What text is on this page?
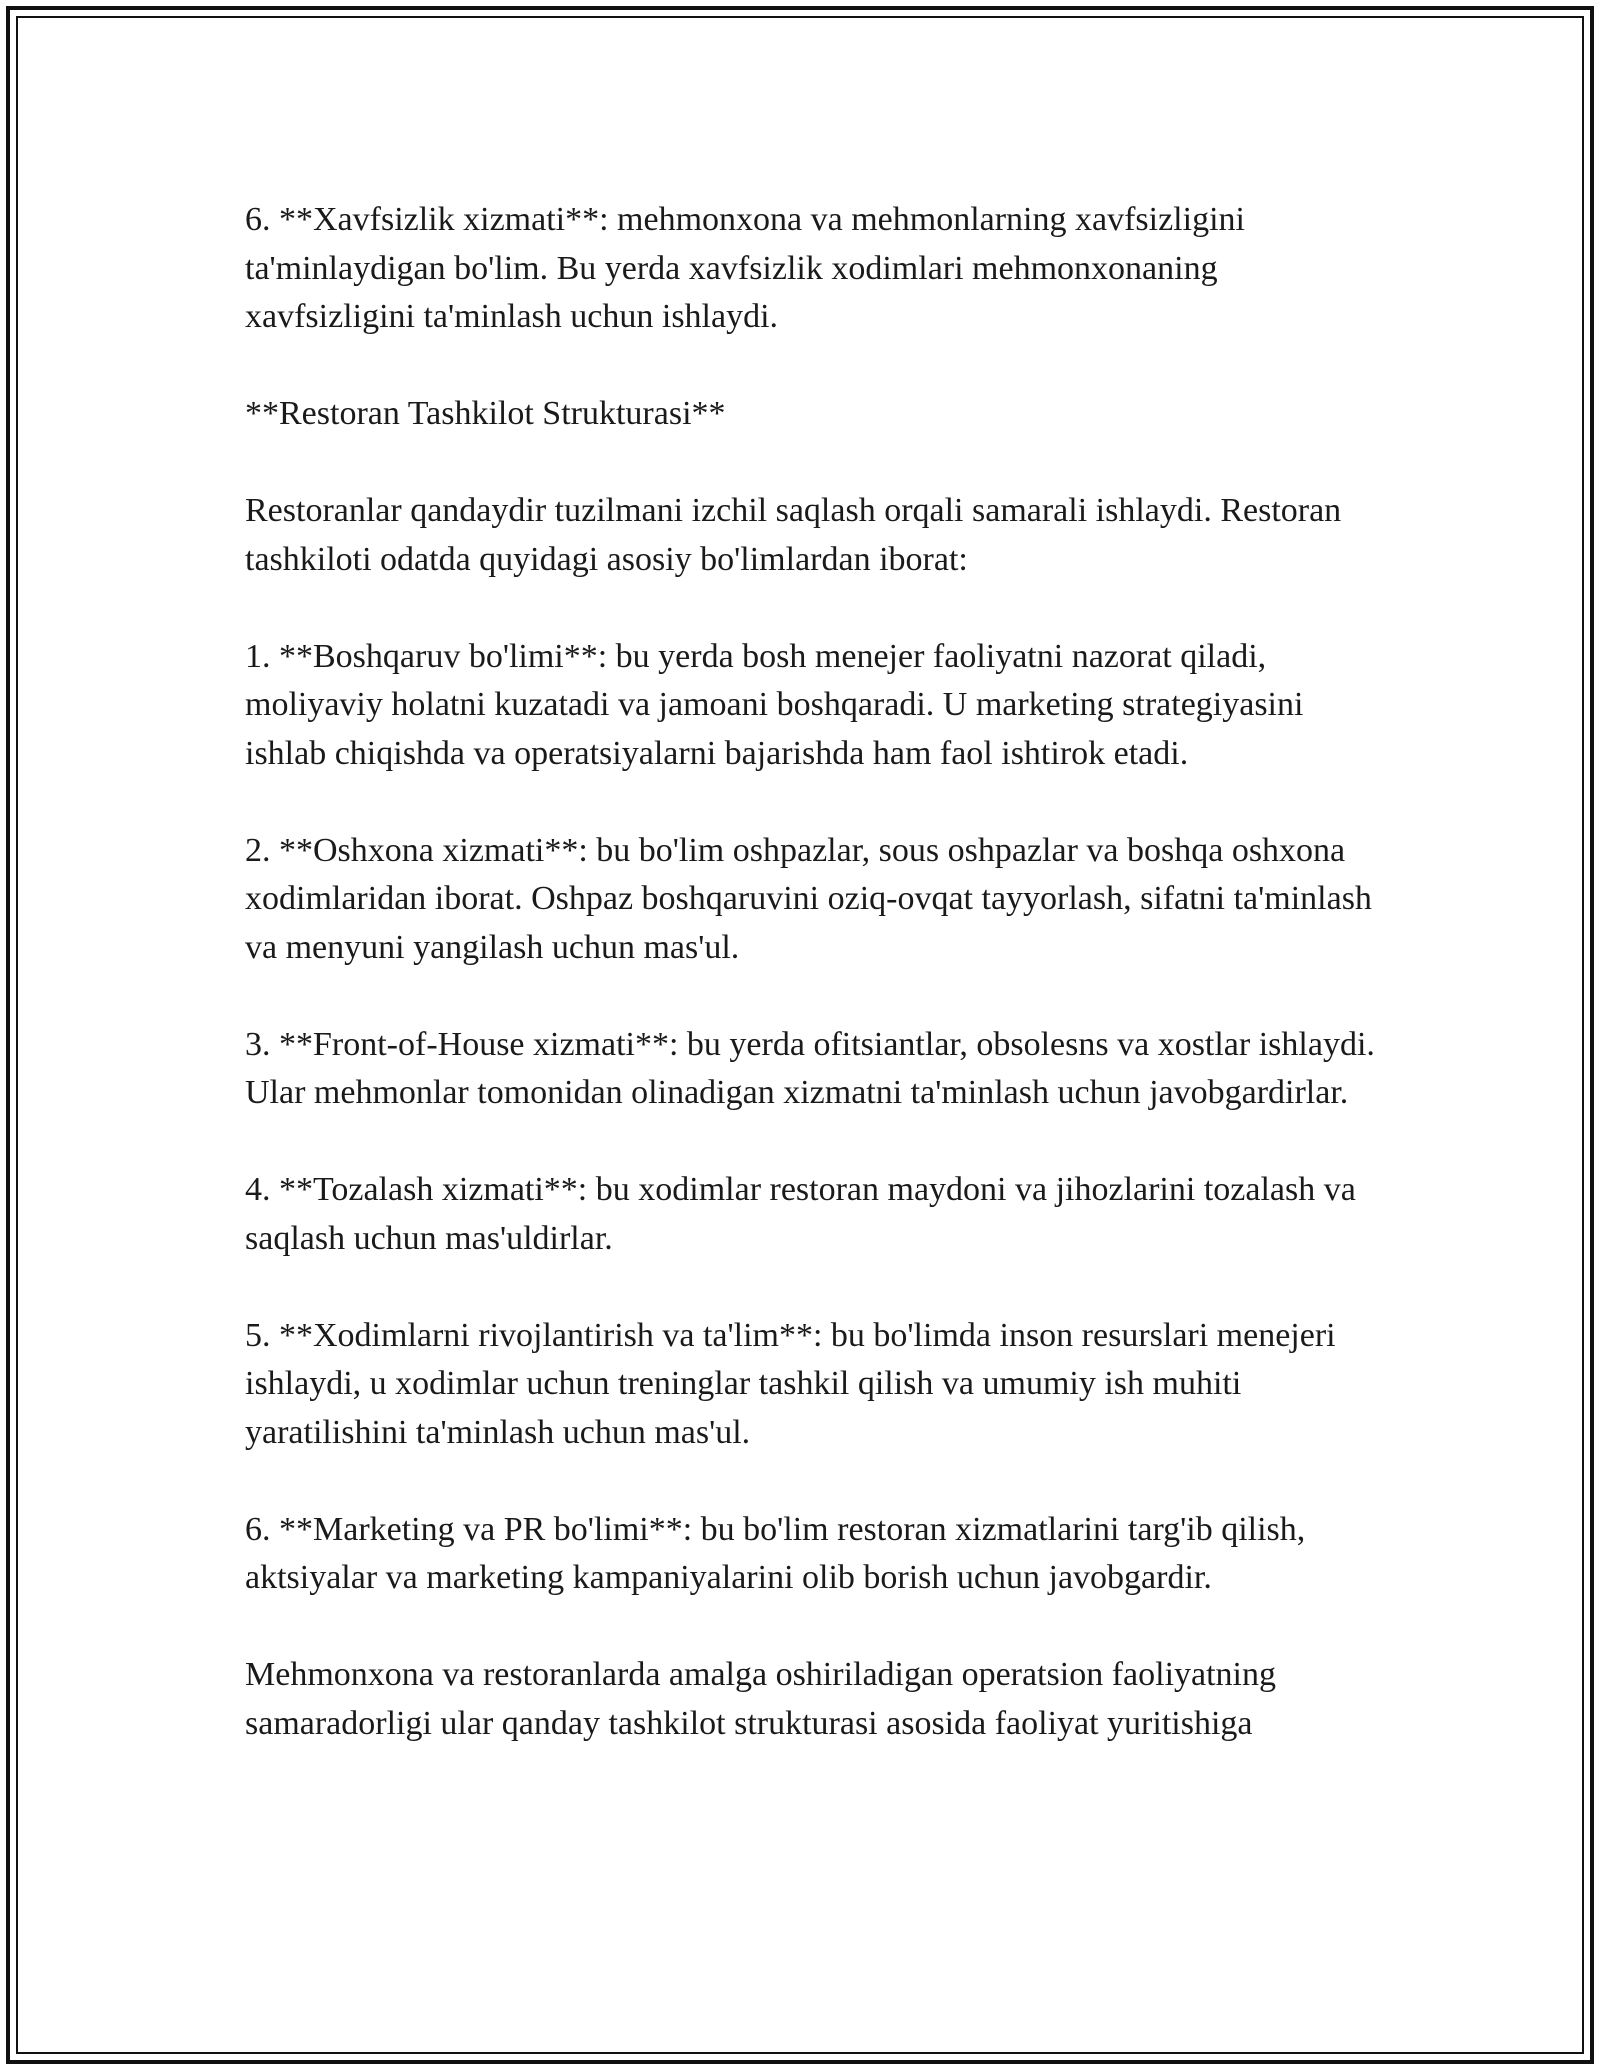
6. **Xavfsizlik xizmati**: mehmonxona va mehmonlarning xavfsizligini ta'minlaydigan bo'lim. Bu yerda xavfsizlik xodimlari mehmonxonaning xavfsizligini ta'minlash uchun ishlaydi.

**Restoran Tashkilot Strukturasi**

Restoranlar qandaydir tuzilmani izchil saqlash orqali samarali ishlaydi. Restoran tashkiloti odatda quyidagi asosiy bo'limlardan iborat:

1. **Boshqaruv bo'limi**: bu yerda bosh menejer faoliyatni nazorat qiladi, moliyaviy holatni kuzatadi va jamoani boshqaradi. U marketing strategiyasini ishlab chiqishda va operatsiyalarni bajarishda ham faol ishtirok etadi.

2. **Oshxona xizmati**: bu bo'lim oshpazlar, sous oshpazlar va boshqa oshxona xodimlaridan iborat. Oshpaz boshqaruvini oziq-ovqat tayyorlash, sifatni ta'minlash va menyuni yangilash uchun mas'ul.

3. **Front-of-House xizmati**: bu yerda ofitsiantlar, obsolesns va xostlar ishlaydi. Ular mehmonlar tomonidan olinadigan xizmatni ta'minlash uchun javobgardirlar.

4. **Tozalash xizmati**: bu xodimlar restoran maydoni va jihozlarini tozalash va saqlash uchun mas'uldirlar.

5. **Xodimlarni rivojlantirish va ta'lim**: bu bo'limda inson resurslari menejeri ishlaydi, u xodimlar uchun treninglar tashkil qilish va umumiy ish muhiti yaratilishini ta'minlash uchun mas'ul.

6. **Marketing va PR bo'limi**: bu bo'lim restoran xizmatlarini targ'ib qilish, aktsiyalar va marketing kampaniyalarini olib borish uchun javobgardir.

Mehmonxona va restoranlarda amalga oshiriladigan operatsion faoliyatning samaradorligi ular qanday tashkilot strukturasi asosida faoliyat yuritishiga
